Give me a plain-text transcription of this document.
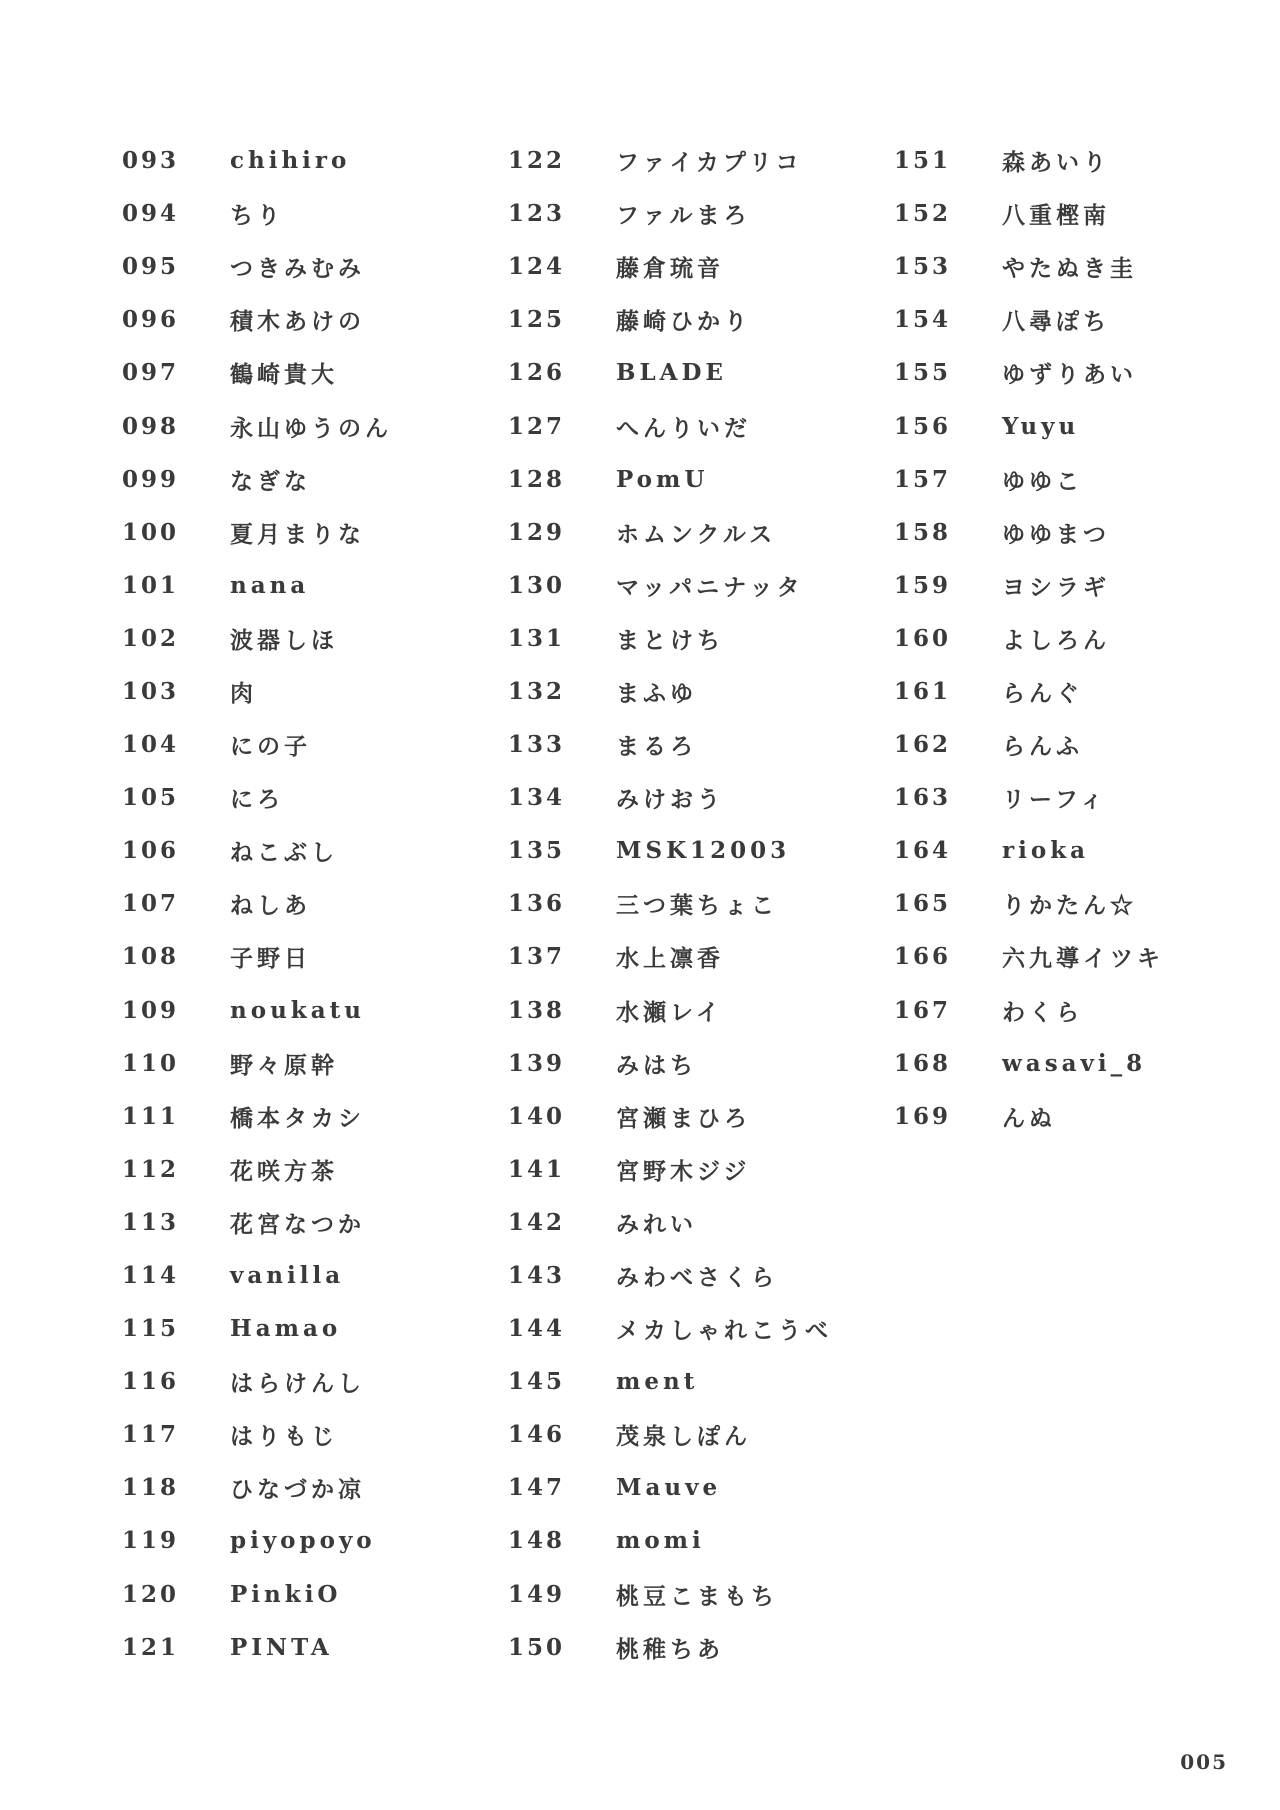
093	chihiro
094	ちり
095	つきみむみ
096	積木あけの
097	鶴崎貴大
098	永山ゆうのん
099	なぎな
100	夏月まりな
101	nana
102	波器しほ
103	肉
104	にの子
105	にろ
106	ねこぶし
107	ねしあ
108	子野日
109	noukatu
110	野々原幹
111	橋本タカシ
112	花咲方茶
113	花宮なつか
114	vanilla
115	Hamao
116	はらけんし
117	はりもじ
118	ひなづか凉
119	piyopoyo
120	PinkiO
121	PINTA
122	ファイカプリコ
123	ファルまろ
124	藤倉琉音
125	藤崎ひかり
126	BLADE
127	へんりいだ
128	PomU
129	ホムンクルス
130	マッパニナッタ
131	まとけち
132	まふゆ
133	まるろ
134	みけおう
135	MSK12003
136	三つ葉ちょこ
137	水上凛香
138	水瀬レイ
139	みはち
140	宮瀬まひろ
141	宮野木ジジ
142	みれい
143	みわべさくら
144	メカしゃれこうべ
145	ment
146	茂泉しぽん
147	Mauve
148	momi
149	桃豆こまもち
150	桃稚ちあ
151	森あいり
152	八重樫南
153	やたぬき圭
154	八尋ぽち
155	ゆずりあい
156	Yuyu
157	ゆゆこ
158	ゆゆまつ
159	ヨシラギ
160	よしろん
161	らんぐ
162	らんふ
163	リーフィ
164	rioka
165	りかたん☆
166	六九導イツキ
167	わくら
168	wasavi_8
169	んぬ
005
